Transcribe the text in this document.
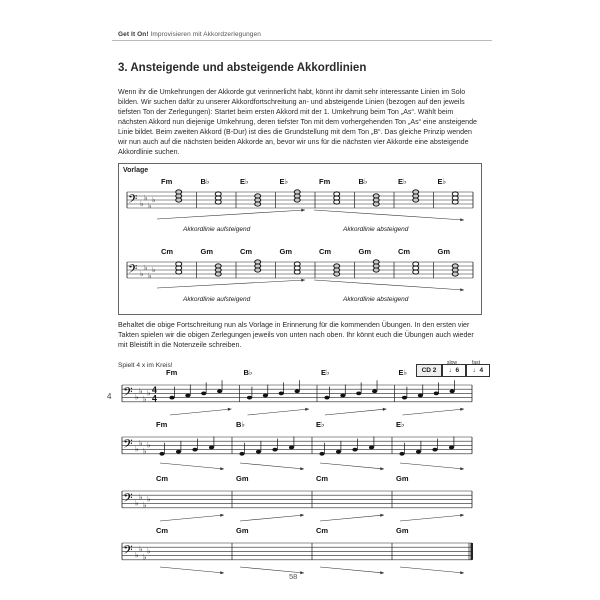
Get It On! Improvisieren mit Akkordzerlegungen
3. Ansteigende und absteigende Akkordlinien
Wenn ihr die Umkehrungen der Akkorde gut verinnerlicht habt, könnt ihr damit sehr interessante Linien im Solo bilden. Wir suchen dafür zu unserer Akkordfortschreitung an- und absteigende Linien (bezogen auf den jeweils tiefsten Ton der Zerlegungen): Startet beim ersten Akkord mit der 1. Umkehrung beim Ton „As“. Wählt beim nächsten Akkord nun diejenige Umkehrung, deren tiefster Ton mit dem vorhergehenden Ton „As“ eine ansteigende Linie bildet. Beim zweiten Akkord (B-Dur) ist dies die Grundstellung mit dem Ton „B“. Das gleiche Prinzip wenden wir nun auch auf die nächsten beiden Akkorde an, bevor wir uns für die nächsten vier Akkorde eine absteigende Akkordlinie suchen.
Vorlage
𝄢 ♭
♭
♭
♭
Fm	B♭	E♭	E♭	Fm	B♭	E♭	E♭
𝄢 ♭
♭
♭
♭
Cm	Gm	Cm	Gm	Cm	Gm	Cm	Gm
Akkordlinie aufsteigend	Akkordlinie absteigend
Akkordlinie aufsteigend	Akkordlinie absteigend
Behaltet die obige Fortschreitung nun als Vorlage in Erinnerung für die kommenden Übungen. In den ersten vier Takten spielen wir die obigen Zerlegungen jeweils von unten nach oben. Ihr könnt euch die Übungen auch wieder mit Bleistift in die Notenzeile schreiben.
Spielt 4 x im Kreis!
CD 2
slow
♩6
fast
♩4
4 𝄢 ♭
♭
♭
♭ 4
4
Fm	B♭	E♭	E♭
𝄢 ♭
♭
♭
♭
Fm	B♭	E♭	E♭
𝄢 ♭
♭
♭
♭
Cm	Gm	Cm	Gm
𝄢 ♭
♭
♭
♭
Cm	Gm	Cm	Gm
58
